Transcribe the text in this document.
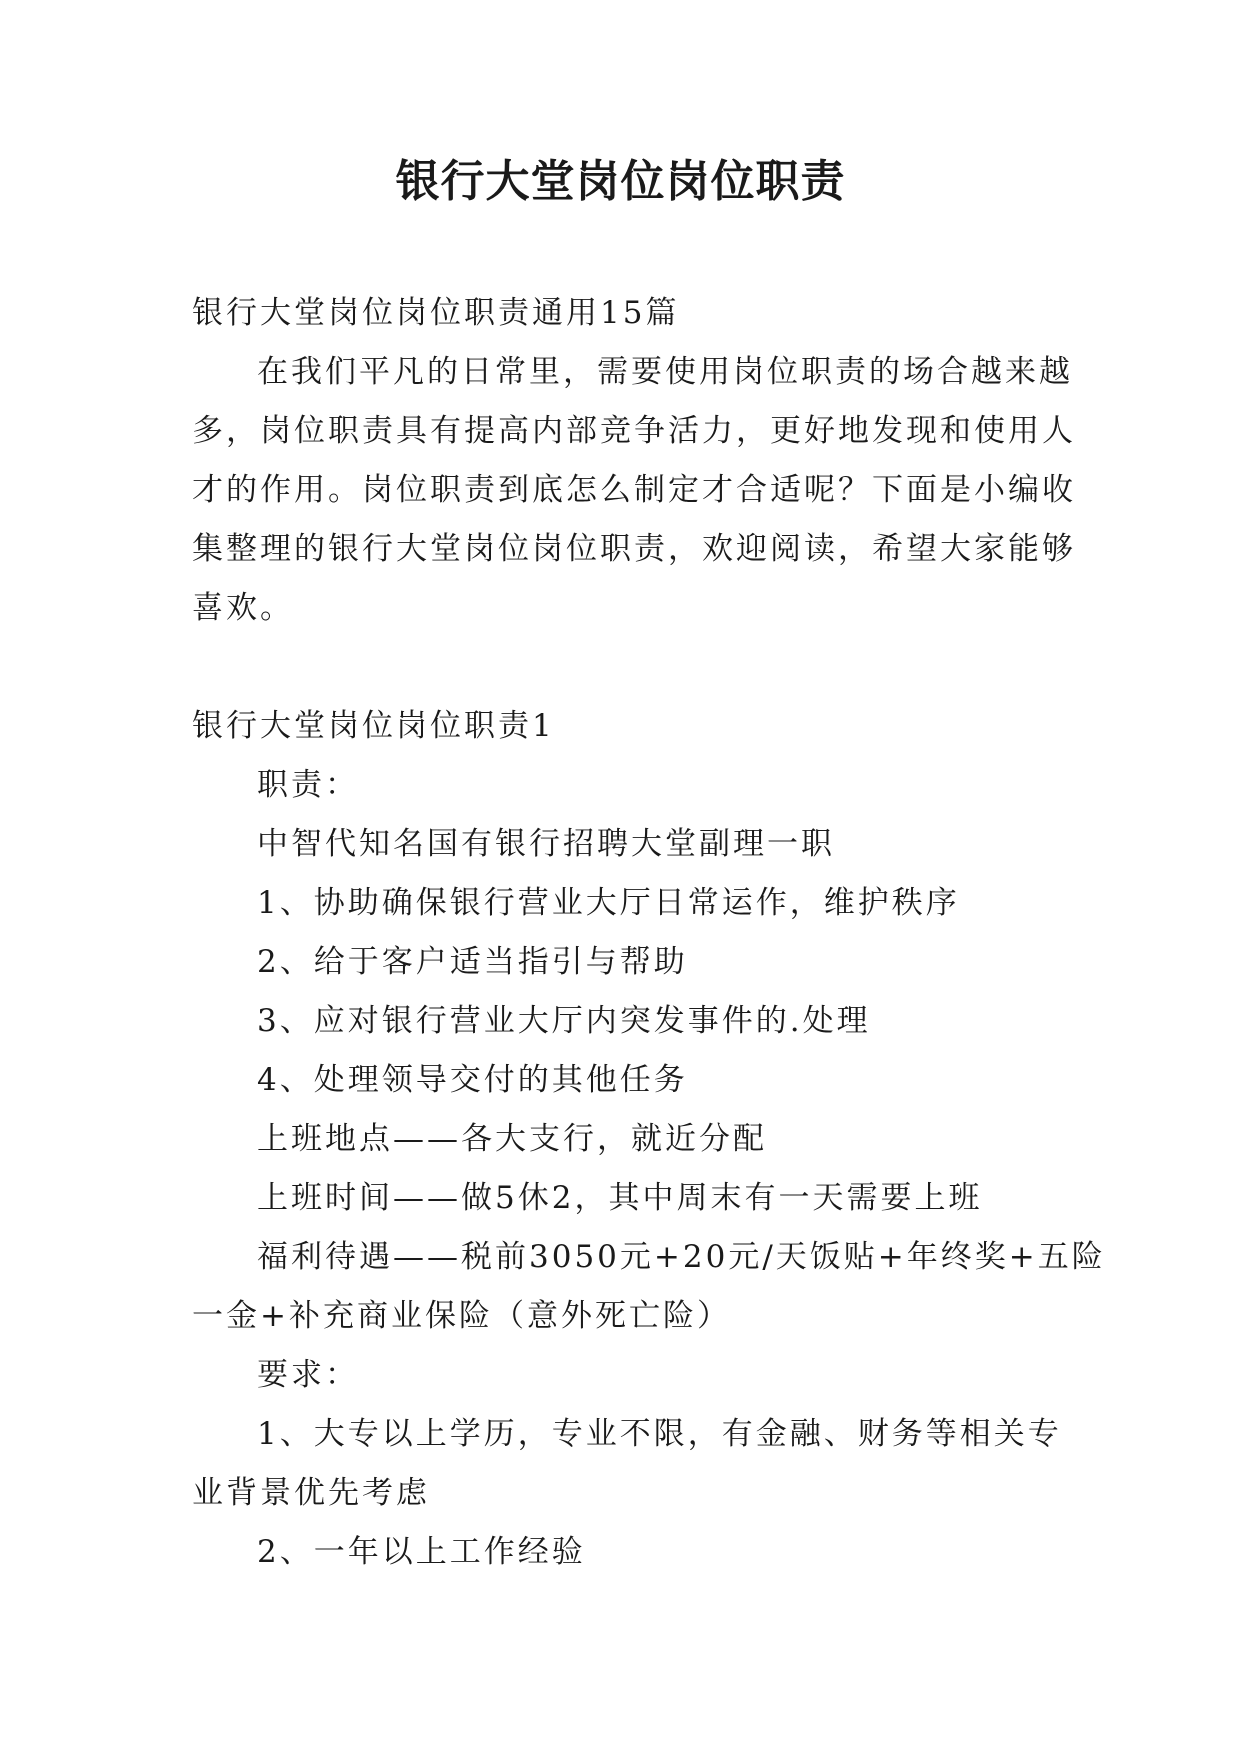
银行大堂岗位岗位职责
银行大堂岗位岗位职责通用15篇
在我们平凡的日常里，需要使用岗位职责的场合越来越
多，岗位职责具有提高内部竞争活力，更好地发现和使用人
才的作用。岗位职责到底怎么制定才合适呢？下面是小编收
集整理的银行大堂岗位岗位职责，欢迎阅读，希望大家能够
喜欢。
银行大堂岗位岗位职责1
职责：
中智代知名国有银行招聘大堂副理一职
1、协助确保银行营业大厅日常运作，维护秩序
2、给于客户适当指引与帮助
3、应对银行营业大厅内突发事件的.处理
4、处理领导交付的其他任务
上班地点——各大支行，就近分配
上班时间——做5休2，其中周末有一天需要上班
福利待遇——税前3050元+20元/天饭贴+年终奖+五险
一金+补充商业保险（意外死亡险）
要求：
1、大专以上学历，专业不限，有金融、财务等相关专
业背景优先考虑
2、一年以上工作经验
